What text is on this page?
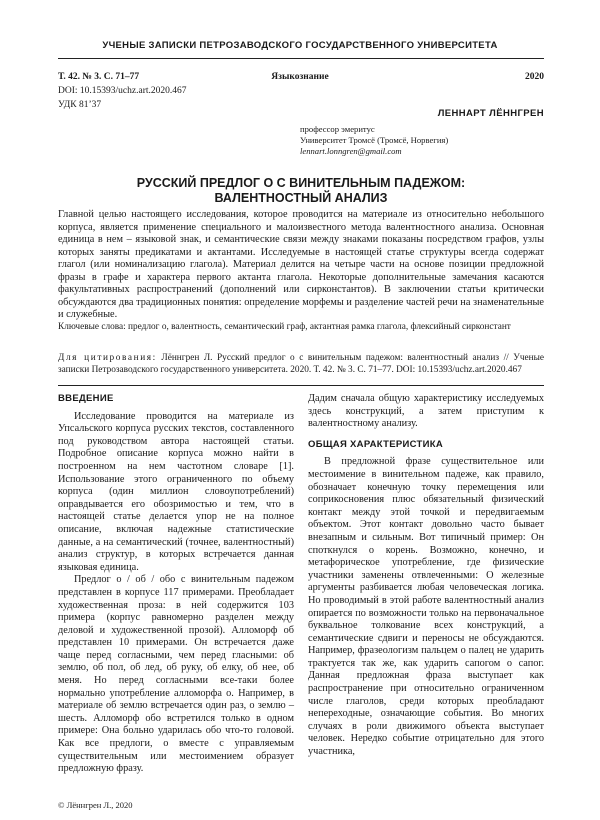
УЧЕНЫЕ ЗАПИСКИ ПЕТРОЗАВОДСКОГО ГОСУДАРСТВЕННОГО УНИВЕРСИТЕТА
Т. 42. № 3. С. 71–77	Языкознание	2020
DOI: 10.15393/uchz.art.2020.467
УДК 81’37
ЛЕННАРТ ЛЁННГРЕН
профессор эмеритус
Университет Тромсё (Тромсё, Норвегия)
lennart.lonngren@gmail.com
РУССКИЙ ПРЕДЛОГ О С ВИНИТЕЛЬНЫМ ПАДЕЖОМ:
ВАЛЕНТНОСТНЫЙ АНАЛИЗ
Главной целью настоящего исследования, которое проводится на материале из относительно небольшого корпуса, является применение специального и малоизвестного метода валентностного анализа. Основная единица в нем – языковой знак, и семантические связи между знаками показаны посредством графов, узлы которых заняты предикатами и актантами. Исследуемые в настоящей статье структуры всегда содержат глагол (или номинализацию глагола). Материал делится на четыре части на основе позиции предложной фразы в графе и характера первого актанта глагола. Некоторые дополнительные замечания касаются факультативных распространений (дополнений или сирконстантов). В заключении статьи критически обсуждаются два традиционных понятия: определение морфемы и разделение частей речи на знаменательные и служебные.
Ключевые слова: предлог о, валентность, семантический граф, актантная рамка глагола, флексийный сирконстант
Для цитирования: Лённгрен Л. Русский предлог о с винительным падежом: валентностный анализ // Ученые записки Петрозаводского государственного университета. 2020. Т. 42. № 3. С. 71–77. DOI: 10.15393/uchz.art.2020.467
ВВЕДЕНИЕ

Исследование проводится на материале из Упсальского корпуса русских текстов, составленного под руководством автора настоящей статьи. Подробное описание корпуса можно найти в построенном на нем частотном словаре [1]. Использование этого ограниченного по объему корпуса (один миллион словоупотреблений) оправдывается его обозримостью и тем, что в настоящей статье делается упор не на полное описание, включая надежные статистические данные, а на семантический (точнее, валентностный) анализ структур, в которых встречается данная языковая единица.

Предлог о / об / обо с винительным падежом представлен в корпусе 117 примерами. Преобладает художественная проза: в ней содержится 103 примера (корпус равномерно разделен между деловой и художественной прозой). Алломорф об представлен 10 примерами. Он встречается даже чаще перед согласными, чем перед гласными: об землю, об пол, об лед, об руку, об елку, об нее, об меня. Но перед согласными все-таки более нормально употребление алломорфа о. Например, в материале об землю встречается один раз, о землю – шесть. Алломорф обо встретился только в одном примере: Она больно ударилась обо что-то головой. Как все предлоги, о вместе с управляемым существительным или местоимением образует предложную фразу.

Дадим сначала общую характеристику исследуемых здесь конструкций, а затем приступим к валентностному анализу.

ОБЩАЯ ХАРАКТЕРИСТИКА

В предложной фразе существительное или местоимение в винительном падеже, как правило, обозначает конечную точку перемещения или соприкосновения плюс обязательный физический контакт между этой точкой и передвигаемым объектом. Этот контакт довольно часто бывает внезапным и сильным. Вот типичный пример: Он споткнулся о корень. Возможно, конечно, и метафорическое употребление, где физические участники заменены отвлеченными: О железные аргументы разбивается любая человеческая логика. Но проводимый в этой работе валентностный анализ опирается по возможности только на первоначальное буквальное толкование всех конструкций, а семантические сдвиги и переносы не обсуждаются. Например, фразеологизм пальцем о палец не ударить трактуется так же, как ударить сапогом о сапог. Данная предложная фраза выступает как распространение при относительно ограниченном числе глаголов, среди которых преобладают непереходные, означающие события. Во многих случаях в роли движимого объекта выступает человек. Нередко событие отрицательно для этого участника,

© Лённгрен Л., 2020
